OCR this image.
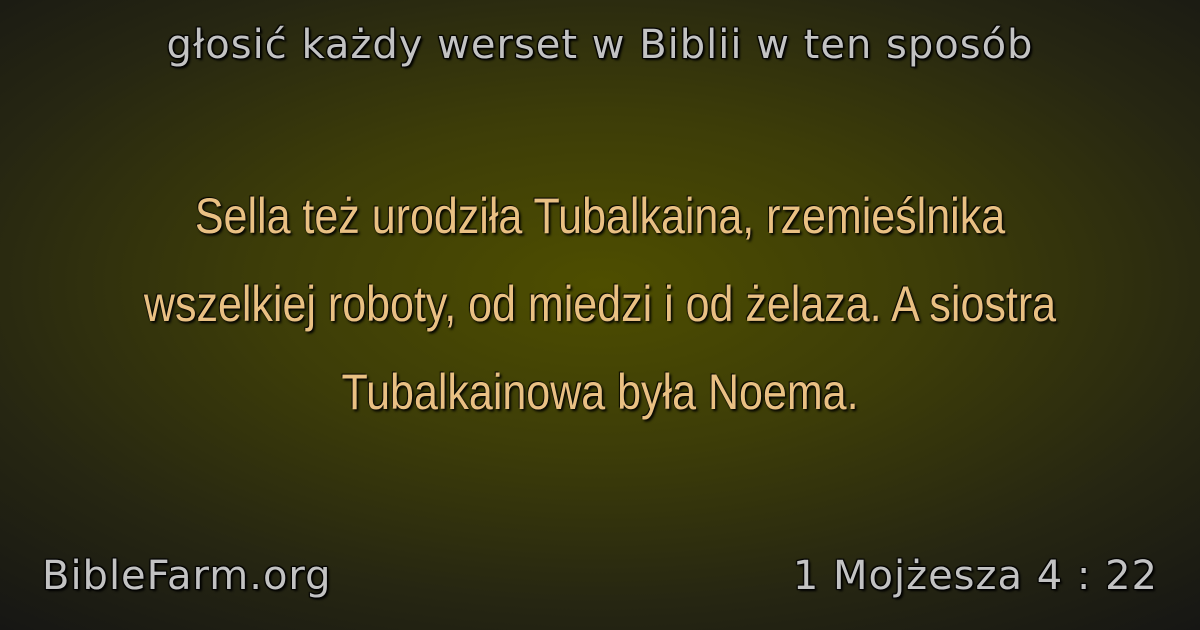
głosić każdy werset w Biblii w ten sposób
Sella też urodziła Tubalkaina, rzemieślnika wszelkiej roboty, od miedzi i od żelaza. A siostra Tubalkainowa była Noema.
BibleFarm.org	1 Mojżesza 4 : 22
